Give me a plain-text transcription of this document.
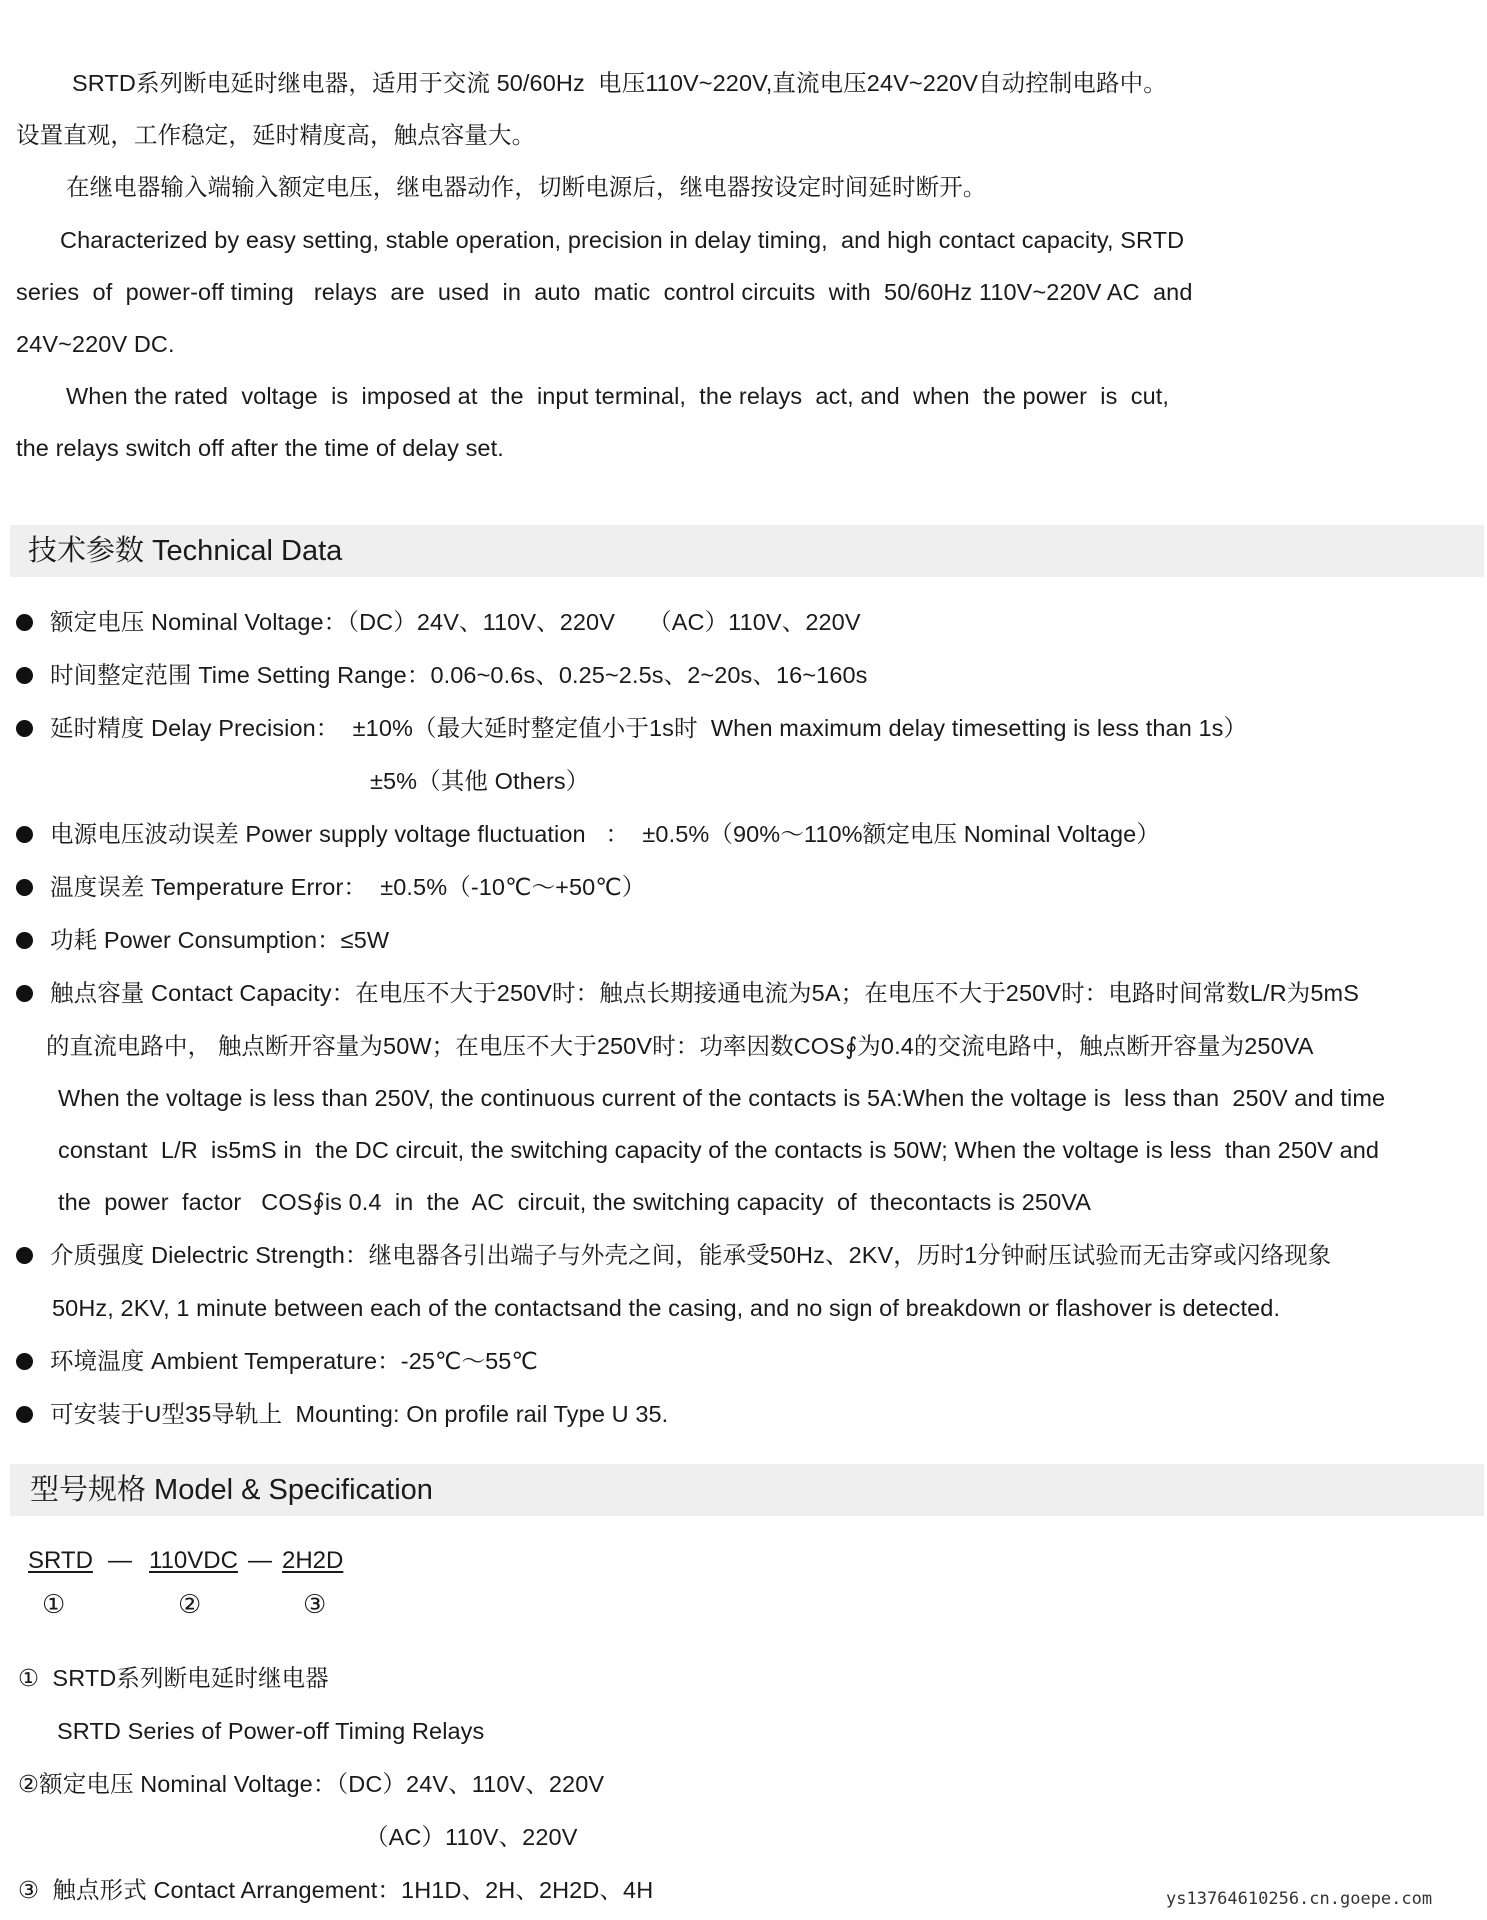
SRTD系列断电延时继电器，适用于交流 50/60Hz  电压110V~220V,直流电压24V~220V自动控制电路中。
设置直观，工作稳定，延时精度高，触点容量大。
在继电器输入端输入额定电压，继电器动作，切断电源后，继电器按设定时间延时断开。
Characterized by easy setting, stable operation, precision in delay timing,  and high contact capacity, SRTD
series  of  power-off timing   relays  are  used  in  auto  matic  control circuits  with  50/60Hz 110V~220V AC  and
24V~220V DC.
When the rated  voltage  is  imposed at  the  input terminal,  the relays  act, and  when  the power  is  cut,
the relays switch off after the time of delay set.
技术参数 Technical Data
额定电压 Nominal Voltage：（DC）24V、110V、220V     （AC）110V、220V
时间整定范围 Time Setting Range：0.06~0.6s、0.25~2.5s、2~20s、16~160s
延时精度 Delay Precision：  ±10%（最大延时整定值小于1s时  When maximum delay timesetting is less than 1s）
±5%（其他 Others）
电源电压波动误差 Power supply voltage fluctuation   ：  ±0.5%（90%～110%额定电压 Nominal Voltage）
温度误差 Temperature Error：  ±0.5%（-10℃～+50℃）
功耗 Power Consumption：≤5W
触点容量 Contact Capacity：在电压不大于250V时：触点长期接通电流为5A；在电压不大于250V时：电路时间常数L/R为5mS
的直流电路中， 触点断开容量为50W；在电压不大于250V时：功率因数COS∮为0.4的交流电路中，触点断开容量为250VA
When the voltage is less than 250V, the continuous current of the contacts is 5A:When the voltage is  less than  250V and time
constant  L/R  is5mS in  the DC circuit, the switching capacity of the contacts is 50W; When the voltage is less  than 250V and
the  power  factor   COS∮is 0.4  in  the  AC  circuit, the switching capacity  of  thecontacts is 250VA
介质强度 Dielectric Strength：继电器各引出端子与外壳之间，能承受50Hz、2KV，历时1分钟耐压试验而无击穿或闪络现象
50Hz, 2KV, 1 minute between each of the contactsand the casing, and no sign of breakdown or flashover is detected.
环境温度 Ambient Temperature：-25℃～55℃
可安装于U型35导轨上  Mounting: On profile rail Type U 35.
型号规格 Model & Specification
SRTD — 110VDC — 2H2D
①	②	③
①  SRTD系列断电延时继电器
SRTD Series of Power-off Timing Relays
②额定电压 Nominal Voltage：（DC）24V、110V、220V
（AC）110V、220V
③  触点形式 Contact Arrangement：1H1D、2H、2H2D、4H	ys13764610256.cn.goepe.com
